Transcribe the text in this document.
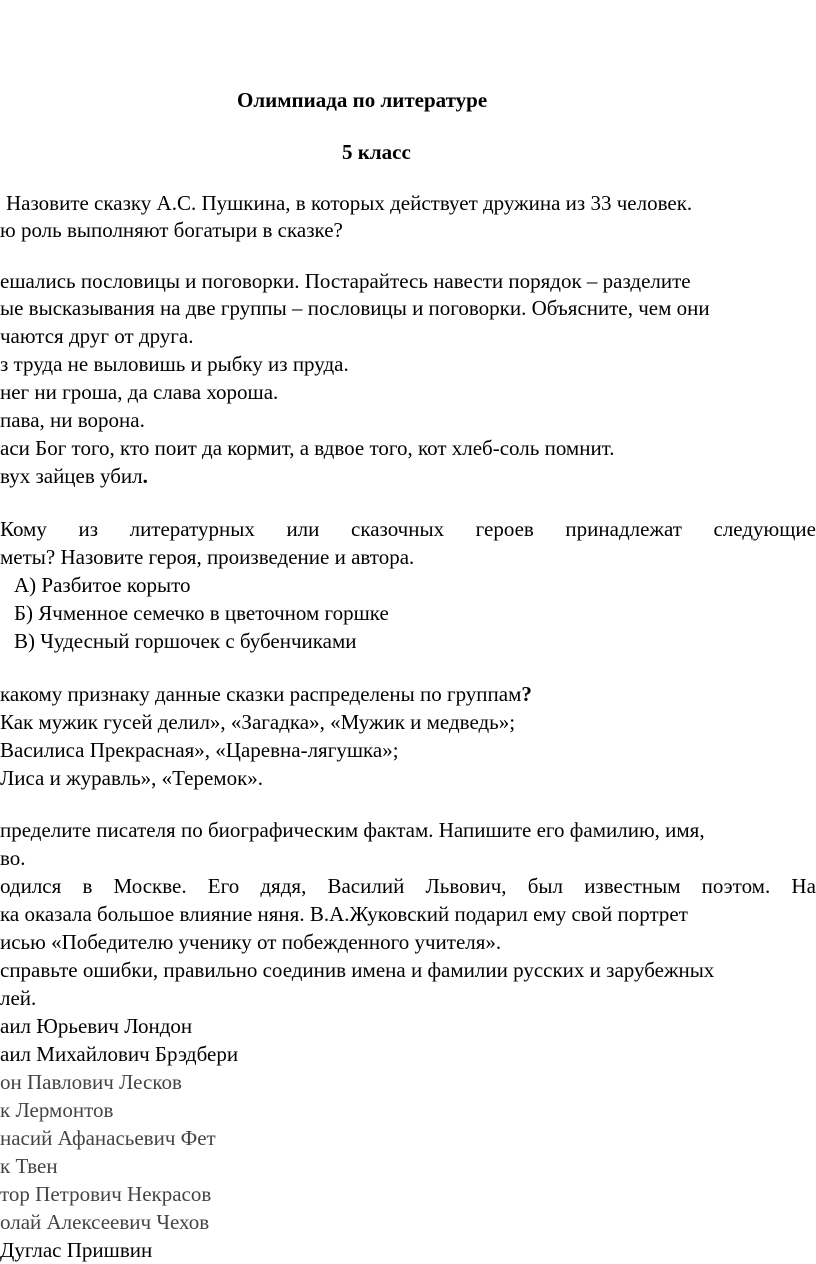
Олимпиада по литературе
5 класс
Назовите сказку А.С. Пушкина, в которых действует дружина из 33 человек.
ю роль выполняют богатыри в сказке?
ешались пословицы и поговорки. Постарайтесь навести порядок – разделите
ые высказывания на две группы – пословицы и поговорки. Объясните, чем они
чаются друг от друга.
з труда не выловишь и рыбку из пруда.
нег ни гроша, да слава хороша.
пава, ни ворона.
аси Бог того, кто поит да кормит, а вдвое того, кот хлеб-соль помнит.
вух зайцев убил.
Кому из литературных или сказочных героев принадлежат следующие
меты? Назовите героя, произведение и автора.
А) Разбитое корыто
Б) Ячменное семечко в цветочном горшке
В) Чудесный горшочек с бубенчиками
какому признаку данные сказки распределены по группам?
Как мужик гусей делил», «Загадка», «Мужик и медведь»;
Василиса Прекрасная», «Царевна-лягушка»;
Лиса и журавль», «Теремок».
пределите писателя по биографическим фактам. Напишите его фамилию, имя,
во.
одился в Москве. Его дядя, Василий Львович, был известным поэтом. На
ка оказала большое влияние няня. В.А.Жуковский подарил ему свой портрет
исью «Победителю ученику от побежденного учителя».
справьте ошибки, правильно соединив имена и фамилии русских и зарубежных
лей.
аил Юрьевич Лондон
аил Михайлович Брэдбери
он Павлович Лесков
к Лермонтов
насий Афанасьевич Фет
к Твен
тор Петрович Некрасов
олай Алексеевич Чехов
Дуглас Пришвин
